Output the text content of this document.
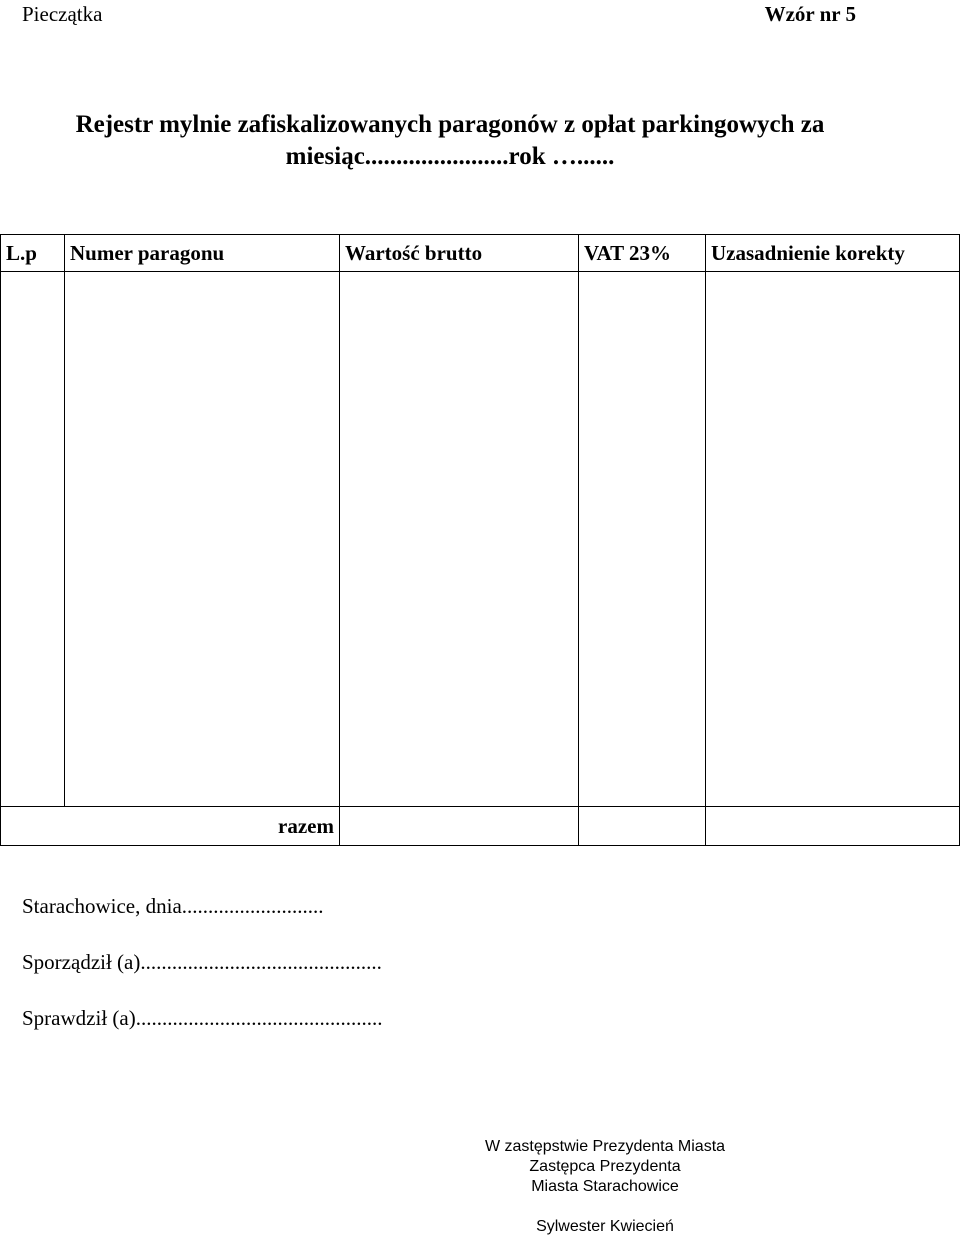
Pieczątka	Wzór nr 5
Rejestr mylnie zafiskalizowanych paragonów z opłat parkingowych za
miesiąc.......................rok …......
L.p	Numer paragonu	Wartość brutto	VAT 23%	Uzasadnienie korekty

razem				
Starachowice, dnia...........................
Sporządził (a)..............................................
Sprawdził (a)...............................................
W zastępstwie Prezydenta Miasta
Zastępca Prezydenta
Miasta Starachowice
Sylwester Kwiecień
